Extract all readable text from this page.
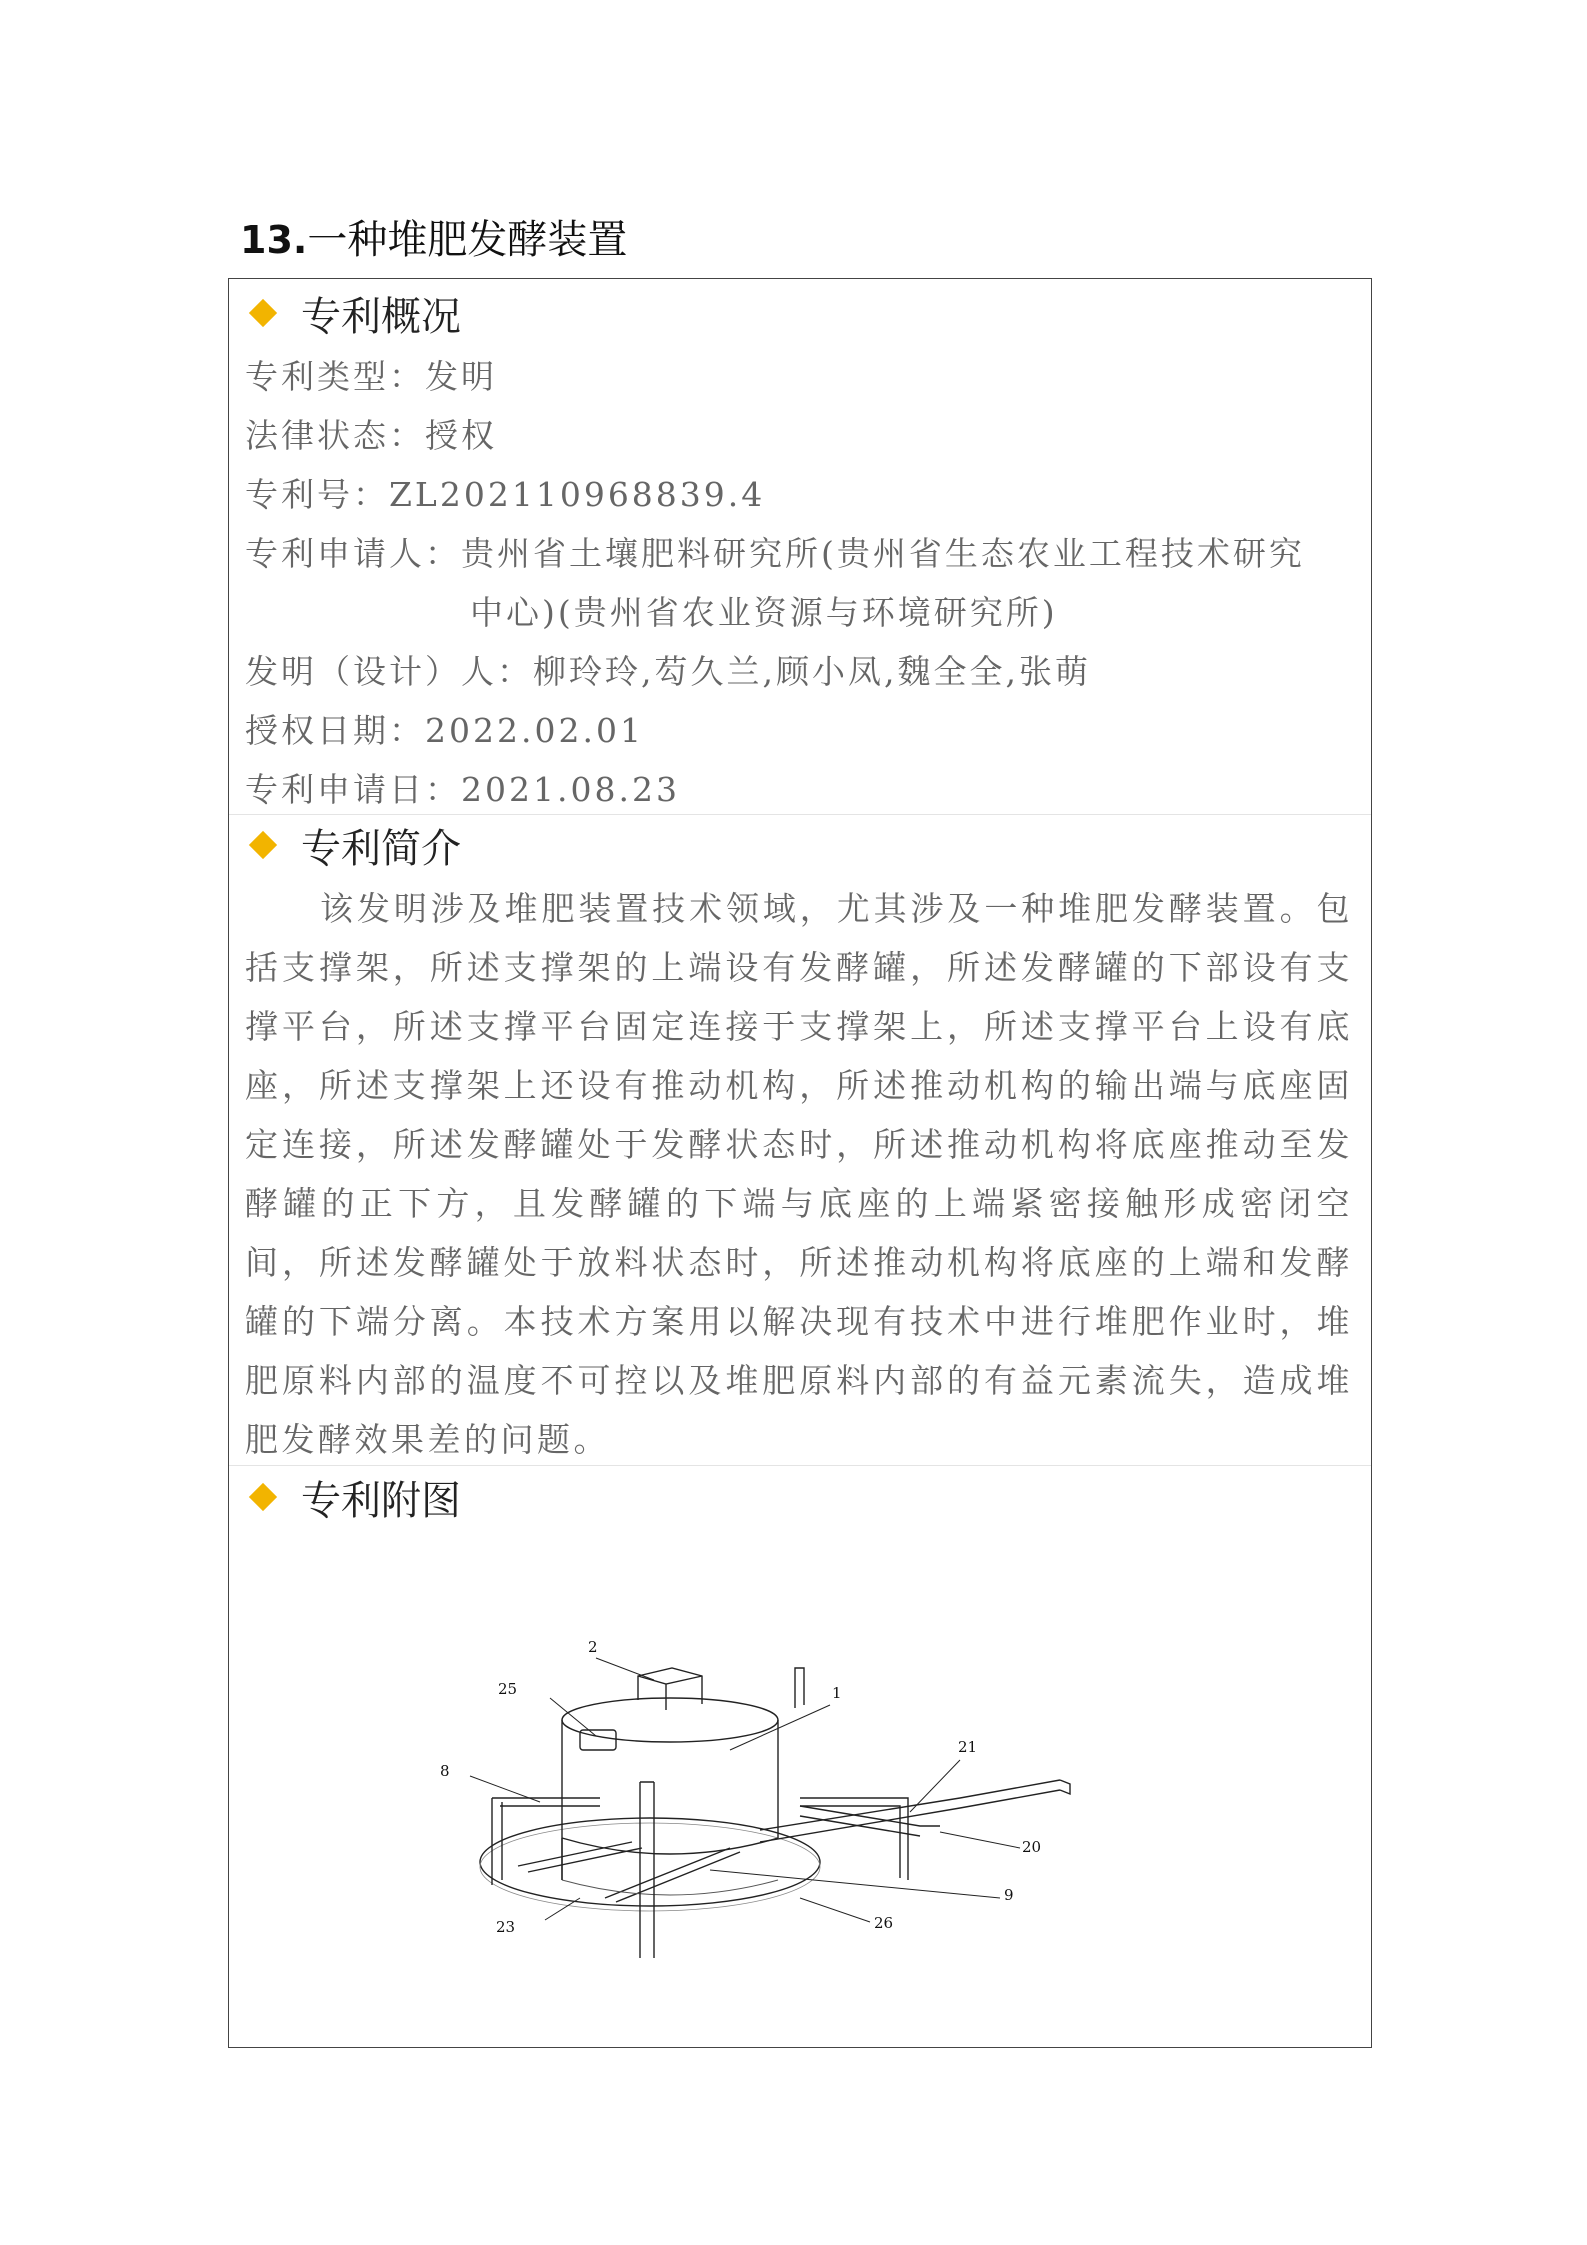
13.一种堆肥发酵装置
专利概况
专利类型：发明
法律状态：授权
专利号：ZL202110968839.4
专利申请人：贵州省土壤肥料研究所(贵州省生态农业工程技术研究
中心)(贵州省农业资源与环境研究所)
发明（设计）人：柳玲玲,芶久兰,顾小凤,魏全全,张萌
授权日期：2022.02.01
专利申请日：2021.08.23
专利简介
该发明涉及堆肥装置技术领域，尤其涉及一种堆肥发酵装置。包括支撑架，所述支撑架的上端设有发酵罐，所述发酵罐的下部设有支撑平台，所述支撑平台固定连接于支撑架上，所述支撑平台上设有底座，所述支撑架上还设有推动机构，所述推动机构的输出端与底座固定连接，所述发酵罐处于发酵状态时，所述推动机构将底座推动至发酵罐的正下方，且发酵罐的下端与底座的上端紧密接触形成密闭空间，所述发酵罐处于放料状态时，所述推动机构将底座的上端和发酵罐的下端分离。本技术方案用以解决现有技术中进行堆肥作业时，堆肥原料内部的温度不可控以及堆肥原料内部的有益元素流失，造成堆肥发酵效果差的问题。
专利附图
2
25
8
1
21
20
9
23	26
